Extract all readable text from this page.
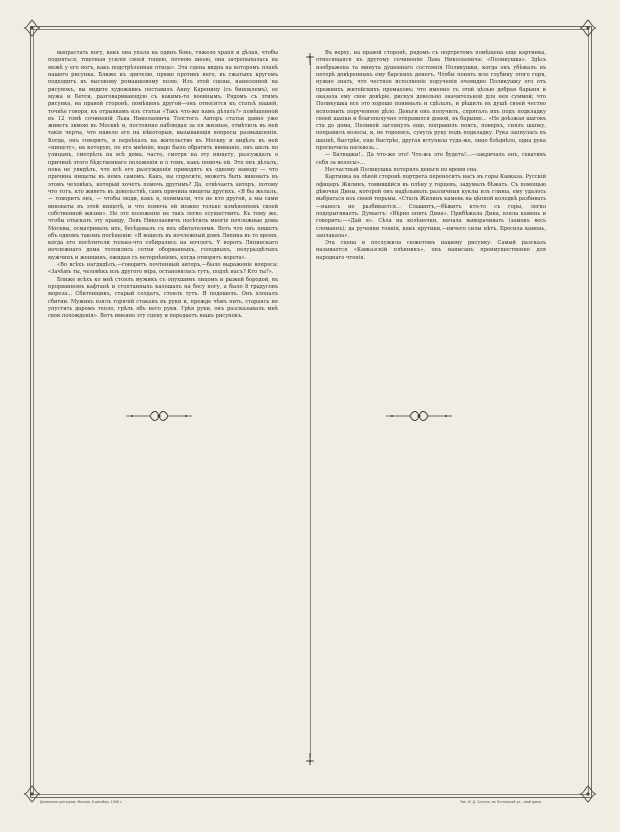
выпрастать ногу, какъ она упала на одинъ бокъ, тяжело храпя и дѣлая, чтобы подняться, тщетныя усилія своей тощею, потною шеею, она затрепыхалась на межѣ у его ногъ, какъ подстрѣленная птица». Эта сцена видна на которомъ планѣ нашего рисунка. Ближе къ зрителю, прямо противъ него, въ сжатыхъ кругомъ подходитъ къ высокому ромашковому полю. Изъ этой сцены, нанесенной на рисунокъ, вы видите художникъ поставилъ Анну Каренину (съ биноклемъ), ее мужа и Бетси, разговаривающую съ какимъ-то военнымъ. Рядомъ съ этимъ рисунка, на правой сторонѣ, помѣщенъ другой—онъ относится къ статьѣ нашей, точнѣе говоря, къ отрывкамъ изъ статьи «Такъ что-же намъ дѣлать?» помѣщенной въ 12 томѣ сочиненій Льва Николаевича Толстого. Авторъ статьи давно уже живетъ зимою въ Москвѣ и, постоянно наблюдая за ея жизнью, отмѣтилъ въ ней такія черты, что навело его на нѣкоторыя, вызывающія вопросы размышленія. Когда, онъ говоритъ, я переѣхалъ на жительство въ Москву и видѣлъ въ ней «нищету», на которую, по его мнѣнію, надо было обратить вниманіе, онъ шелъ по улицамъ, смотрѣлъ на всѣ дома, часто, смотря на эту нищету, разсуждалъ о причинѣ этого бѣдственнаго положенія и о томъ, какъ помочь ей. Это онъ дѣлалъ, пока не увидѣлъ, что всѣ его разсужденія приводятъ къ одному выводу — что причина нищеты въ немъ самомъ. Какъ, вы спросите, можетъ быть виноватъ въ этомъ человѣкъ, который хочетъ помочь другимъ? Да, отвѣчаетъ авторъ, потому что тотъ, кто живетъ въ довольствѣ, самъ причина нищеты другихъ. «Я бы желалъ, — говоритъ онъ, — чтобы люди, какъ я, понимали, что не кто другой, а мы сами виноваты въ этой нищетѣ, и что помочь ей можно только измѣненіемъ своей собственной жизни». Но это положеніе не такъ легко осуществить. Къ тому же, чтобы отыскать эту правду, Левъ Николаевичъ посѣтилъ многіе ночлежные дома Москвы, осматривалъ ихъ, бесѣдовалъ съ ихъ обитателями. Вотъ что онъ пишетъ объ одномъ такомъ посѣщеніи: «Я вошелъ въ ночлежный домъ Ляпина въ то время, когда его посѣтители только-что собирались на ночлегъ. У воротъ Ляпинскаго ночлежнаго дома толпились сотни оборванныхъ, голодныхъ, полураздѣтыхъ мужчинъ и женщинъ, ожидая съ нетерпѣніемъ, когда отворятъ ворота».

«Во всѣхъ нагдядѣлъ,—говоритъ почтенный авторъ,—было выраженіе вопроса: «Зачѣмъ ты, человѣкъ изъ другого міра, остановилась тутъ, подлѣ насъ? Кто ты?».

Ближе всѣхъ ко мнѣ стоялъ мужикъ съ опухшимъ лицомъ и рыжей бородой, въ прорванномъ кафтанѣ и стоптанныхъ калошахъ на босу ногу, а было 8 градусовъ мороза... Сбитенщикъ, старый солдатъ, стоялъ тутъ. Я подошелъ. Онъ хлопалъ сбитни. Мужикъ взялъ горячій стаканъ въ руки и, прежде чѣмъ пить, стараясь не упустить даромъ тепло, грѣлъ объ него руки. Грѣя руки, онъ разсказывалъ мнѣ свои похожденія». Вотъ именно эту сцену и передаетъ нашъ рисунокъ.

Въ верху, на правой сторонѣ, рядомъ съ портретомъ помѣщена еще картинка, относящаяся къ другому сочиненію Льва Николаевича: «Поликушка». Здѣсь изображена та минута душевнаго состоянія Поликушки, когда онъ убѣжалъ въ потерѣ довѣренныхъ ему барскихъ денегъ. Чтобы понять всю глубину этого горя, нужно знать, что честное исполненіе порученія очевидно Поликушку его отъ прежнихъ житейскихъ промаховъ; что именно съ этой цѣлью добрая барыня и оказала ему свое довѣріе, рискуя довольно значительной для нея суммой; что Поликушка все это хорошо понималъ и сдѣлалъ, и рѣшилъ въ душѣ своей честно исполнить порученное дѣло. Деньги онъ получилъ, спряталъ ихъ подъ подкладку своей шапки и благополучно отправился домой, въ барыню... «Не доѣзжая шаговъ ста до дома, Поликей заглянулъ еще, поправилъ поясъ, поверхъ, снялъ шапку, поправилъ волосы, и, не торопясь, сунулъ руку подъ подкладку. Рука запнулась въ шапкѣ, быстрѣе, еще быстрѣе, другая вступила туда-же, лицо блѣднѣло, одна рука проскочила насквозь...

— Батюшки!.. Да что-же это! Что-жъ это будетъ!...—закричалъ онъ, схвативъ себя за волосы»...

Несчастный Поликушка потерялъ деньги по время сна.

Картинка на лѣвой сторонѣ портрета переноситъ насъ въ горы Кавказа. Русскій офицеръ Жилинъ, томившійся въ плѣну у горцевъ, задумалъ бѣжать. Съ помощью дѣвочки Дины, которой онъ надѣлывалъ различныя куклы изъ глины, ему удалось выбраться изъ своей тюрьмы. «Сталъ Жилинъ камень на цѣпной колодкѣ разбивать—нанесъ не разбивается... Слышитъ,—бѣжитъ кто-то съ горы, легко подпрыгиваетъ. Думаетъ: «Вѣрно опять Дина». Прибѣжала Дина, взяла камень и говоритъ:—«Дай я». Сѣла на колѣночки, начала выворачивать (замокъ весь сломаннъ); да рученки тонкія, какъ прутики,—ничего силы нѣтъ. Бросила камень, заплакала».

Эта сцена и послужила сюжетомъ нашему рисунку. Самый разсказъ называется «Кавказскій плѣнникъ», онъ написанъ преимущественно для народнаго чтенія.

Дозволено цензурою. Москва, 8 декабря, 1908 г.	Тип. И. Д. Сытина, въ Пятницкой ул., свой домъ.
